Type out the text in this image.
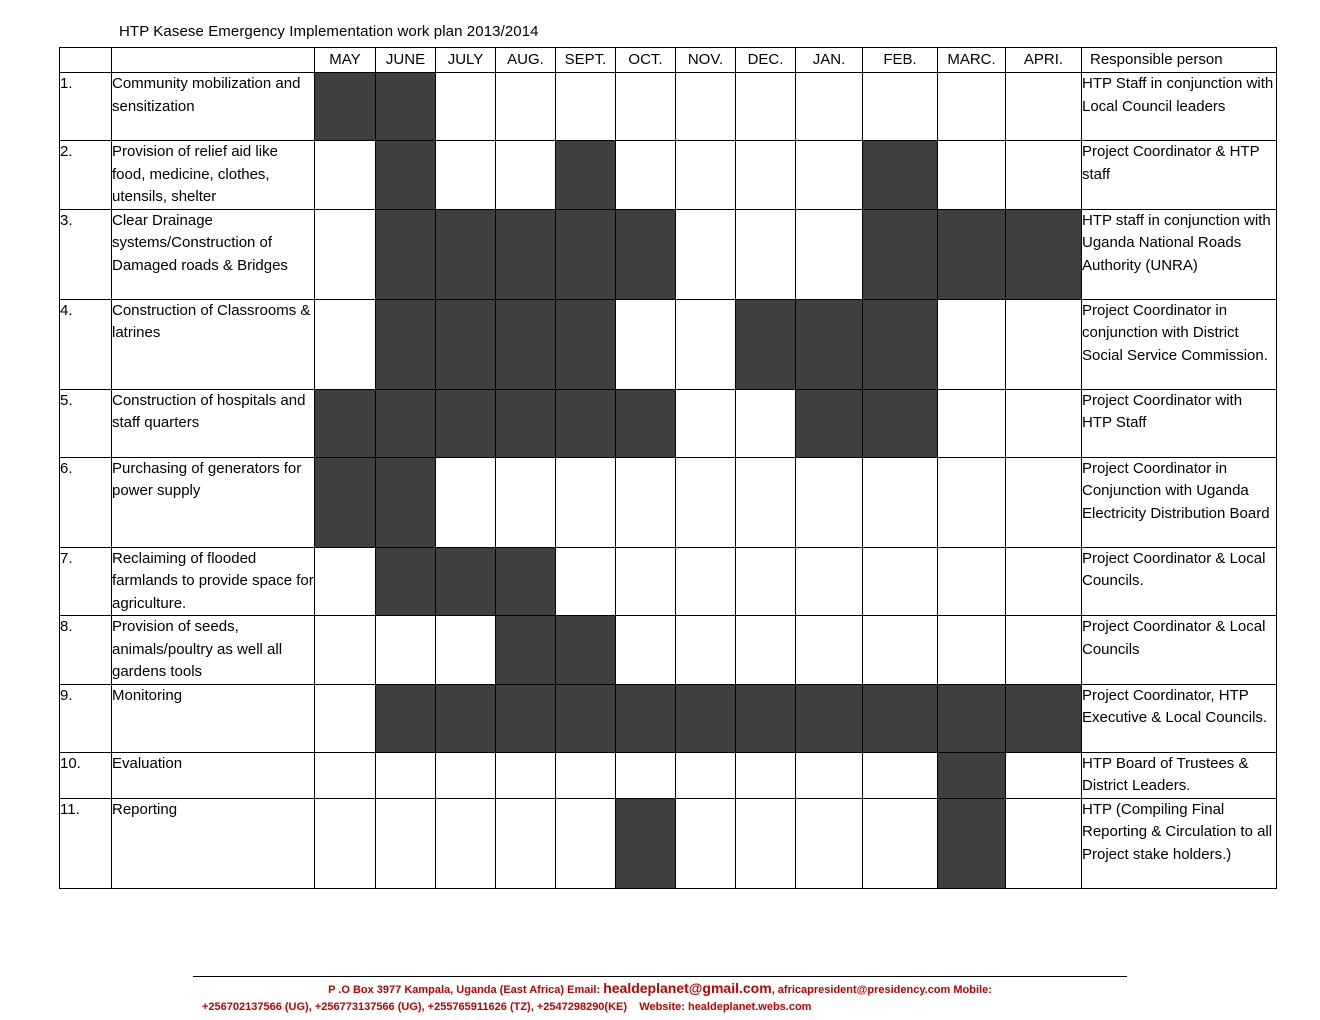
HTP Kasese Emergency Implementation work plan 2013/2014
		MAY	JUNE	JULY	AUG.	SEPT.	OCT.	NOV.	DEC.	JAN.	FEB.	MARC.	APRI.	Responsible person
1.	Community mobilization and sensitization													HTP Staff in conjunction with Local Council leaders
2.	Provision of relief aid like food, medicine, clothes, utensils, shelter													Project Coordinator & HTP staff
3.	Clear Drainage systems/Construction of Damaged roads & Bridges													HTP staff in conjunction with Uganda National Roads Authority (UNRA)
4.	Construction of Classrooms & latrines													Project Coordinator in conjunction with District Social Service Commission.
5.	Construction of hospitals and staff quarters													Project Coordinator with HTP Staff
6.	Purchasing of generators for power supply													Project Coordinator in Conjunction with Uganda Electricity Distribution Board
7.	Reclaiming of flooded farmlands to provide space for agriculture.													Project Coordinator & Local Councils.
8.	Provision of seeds, animals/poultry as well all gardens tools													Project Coordinator & Local Councils
9.	Monitoring													Project Coordinator, HTP Executive & Local Councils.
10.	Evaluation													HTP Board of Trustees & District Leaders.
11.	Reporting													HTP (Compiling Final Reporting & Circulation to all Project stake holders.)
P .O Box 3977 Kampala, Uganda (East Africa) Email: healdeplanet@gmail.com, africapresident@presidency.com Mobile:
+256702137566 (UG), +256773137566 (UG), +255765911626 (TZ), +2547298290(KE) Website: healdeplanet.webs.com
